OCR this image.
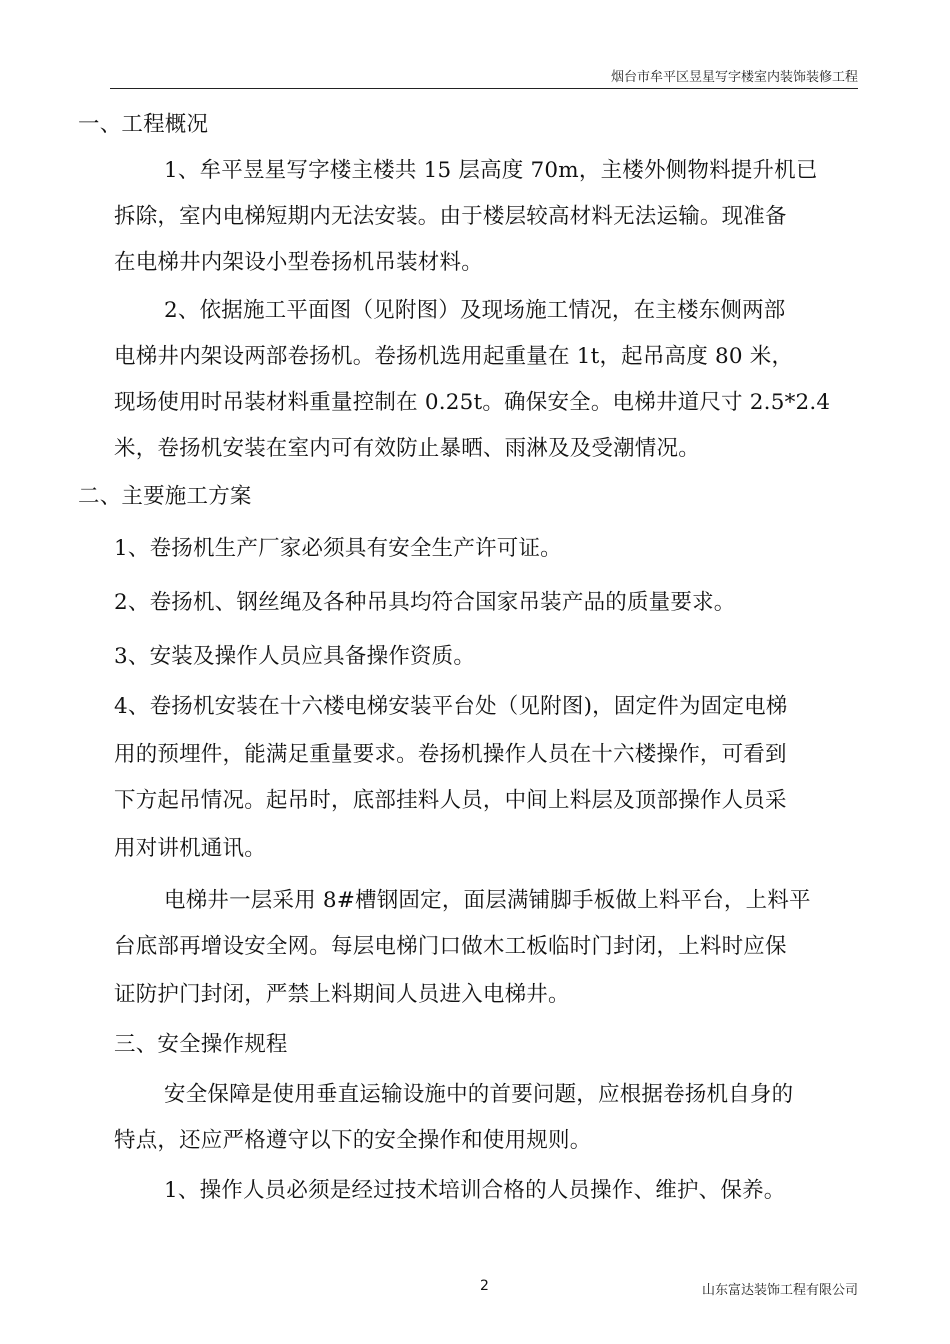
烟台市牟平区昱星写字楼室内装饰装修工程
一、工程概况
1、牟平昱星写字楼主楼共 15 层高度 70m，主楼外侧物料提升机已
拆除，室内电梯短期内无法安装。由于楼层较高材料无法运输。现准备
在电梯井内架设小型卷扬机吊装材料。
2、依据施工平面图（见附图）及现场施工情况，在主楼东侧两部
电梯井内架设两部卷扬机。卷扬机选用起重量在 1t，起吊高度 80 米，
现场使用时吊装材料重量控制在 0.25t。确保安全。电梯井道尺寸 2.5*2.4
米，卷扬机安装在室内可有效防止暴晒、雨淋及及受潮情况。
二、主要施工方案
1、卷扬机生产厂家必须具有安全生产许可证。
2、卷扬机、钢丝绳及各种吊具均符合国家吊装产品的质量要求。
3、安装及操作人员应具备操作资质。
4、卷扬机安装在十六楼电梯安装平台处（见附图)，固定件为固定电梯
用的预埋件，能满足重量要求。卷扬机操作人员在十六楼操作，可看到
下方起吊情况。起吊时，底部挂料人员，中间上料层及顶部操作人员采
用对讲机通讯。
电梯井一层采用 8#槽钢固定，面层满铺脚手板做上料平台，上料平
台底部再增设安全网。每层电梯门口做木工板临时门封闭，上料时应保
证防护门封闭，严禁上料期间人员进入电梯井。
三、安全操作规程
安全保障是使用垂直运输设施中的首要问题，应根据卷扬机自身的
特点，还应严格遵守以下的安全操作和使用规则。
1、操作人员必须是经过技术培训合格的人员操作、维护、保养。
2	山东富达装饰工程有限公司
